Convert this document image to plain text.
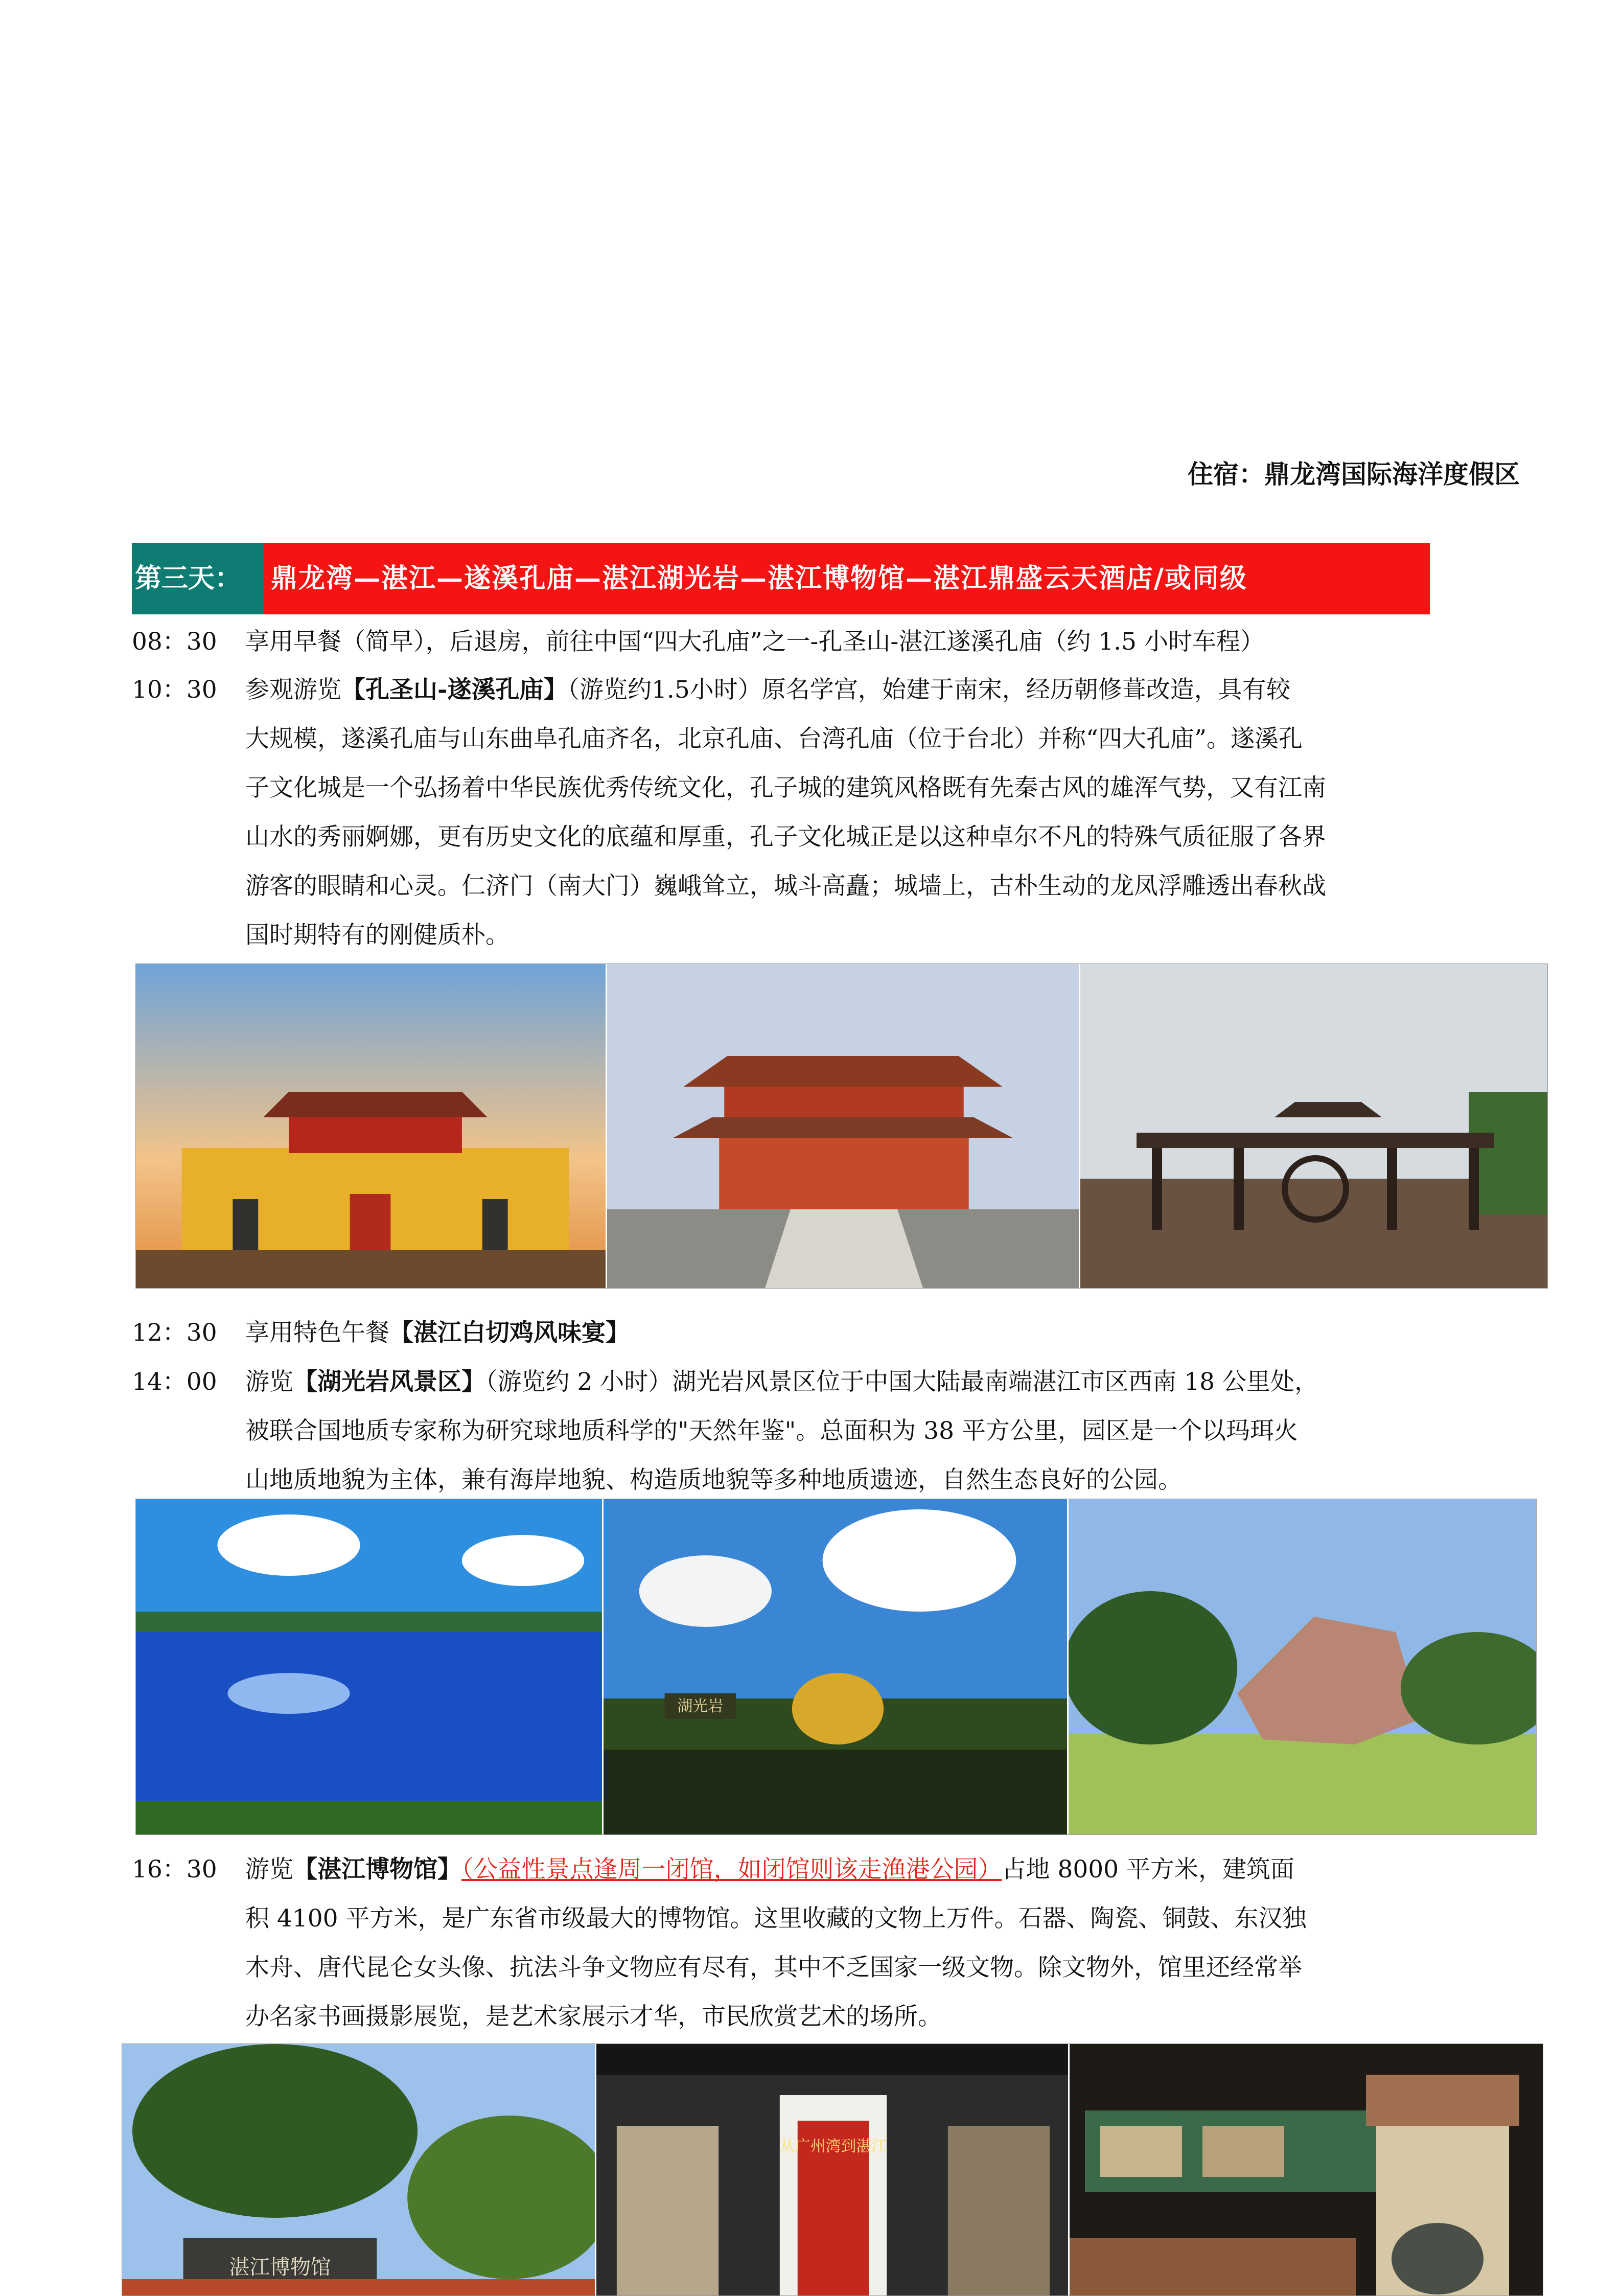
住宿：鼎龙湾国际海洋度假区
第三天：	鼎龙湾—湛江—遂溪孔庙—湛江湖光岩—湛江博物馆—湛江鼎盛云天酒店/或同级
08：30 享用早餐（简早），后退房，前往中国“四大孔庙”之一-孔圣山-湛江遂溪孔庙（约 1.5 小时车程）
10：30 参观游览【孔圣山-遂溪孔庙】（游览约1.5小时）原名学宫，始建于南宋，经历朝修葺改造，具有较
大规模，遂溪孔庙与山东曲阜孔庙齐名，北京孔庙、台湾孔庙（位于台北）并称“四大孔庙”。遂溪孔
子文化城是一个弘扬着中华民族优秀传统文化，孔子城的建筑风格既有先秦古风的雄浑气势，又有江南
山水的秀丽婀娜，更有历史文化的底蕴和厚重，孔子文化城正是以这种卓尔不凡的特殊气质征服了各界
游客的眼睛和心灵。仁济门（南大门）巍峨耸立，城斗高矗；城墙上，古朴生动的龙凤浮雕透出春秋战
国时期特有的刚健质朴。
12：30 享用特色午餐【湛江白切鸡风味宴】
14：00 游览【湖光岩风景区】（游览约 2 小时）湖光岩风景区位于中国大陆最南端湛江市区西南 18 公里处，
被联合国地质专家称为研究球地质科学的"天然年鉴"。总面积为 38 平方公里，园区是一个以玛珥火
山地质地貌为主体，兼有海岸地貌、构造质地貌等多种地质遗迹，自然生态良好的公园。
湖光岩
16：30 游览【湛江博物馆】（公益性景点逢周一闭馆，如闭馆则该走渔港公园）占地 8000 平方米，建筑面
积 4100 平方米，是广东省市级最大的博物馆。这里收藏的文物上万件。石器、陶瓷、铜鼓、东汉独
木舟、唐代昆仑女头像、抗法斗争文物应有尽有，其中不乏国家一级文物。除文物外，馆里还经常举
办名家书画摄影展览，是艺术家展示才华，市民欣赏艺术的场所。
湛江博物馆
从广州湾到湛江
